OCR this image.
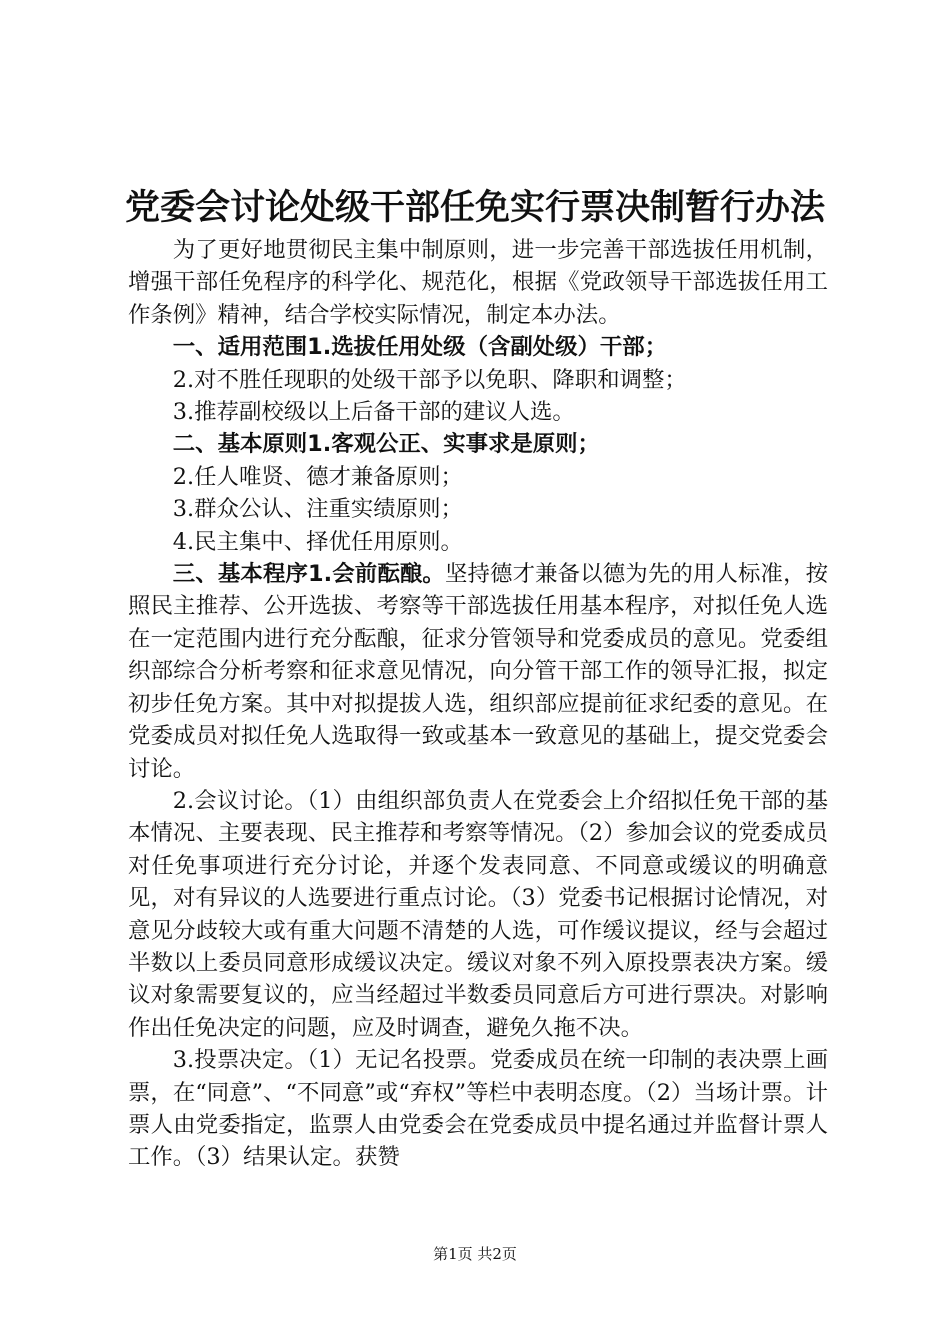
党委会讨论处级干部任免实行票决制暂行办法

为了更好地贯彻民主集中制原则，进一步完善干部选拔任用机制，增强干部任免程序的科学化、规范化，根据《党政领导干部选拔任用工作条例》精神，结合学校实际情况，制定本办法。

一、适用范围1.选拔任用处级（含副处级）干部；

2.对不胜任现职的处级干部予以免职、降职和调整；

3.推荐副校级以上后备干部的建议人选。

二、基本原则1.客观公正、实事求是原则；

2.任人唯贤、德才兼备原则；

3.群众公认、注重实绩原则；

4.民主集中、择优任用原则。

三、基本程序1.会前酝酿。坚持德才兼备以德为先的用人标准，按照民主推荐、公开选拔、考察等干部选拔任用基本程序，对拟任免人选在一定范围内进行充分酝酿，征求分管领导和党委成员的意见。党委组织部综合分析考察和征求意见情况，向分管干部工作的领导汇报，拟定初步任免方案。其中对拟提拔人选，组织部应提前征求纪委的意见。在党委成员对拟任免人选取得一致或基本一致意见的基础上，提交党委会讨论。

2.会议讨论。（1）由组织部负责人在党委会上介绍拟任免干部的基本情况、主要表现、民主推荐和考察等情况。（2）参加会议的党委成员对任免事项进行充分讨论，并逐个发表同意、不同意或缓议的明确意见，对有异议的人选要进行重点讨论。（3）党委书记根据讨论情况，对意见分歧较大或有重大问题不清楚的人选，可作缓议提议，经与会超过半数以上委员同意形成缓议决定。缓议对象不列入原投票表决方案。缓议对象需要复议的，应当经超过半数委员同意后方可进行票决。对影响作出任免决定的问题，应及时调查，避免久拖不决。

3.投票决定。（1）无记名投票。党委成员在统一印制的表决票上画票，在“同意”、“不同意”或“弃权”等栏中表明态度。（2）当场计票。计票人由党委指定，监票人由党委会在党委成员中提名通过并监督计票人工作。（3）结果认定。获赞

第1页 共2页
